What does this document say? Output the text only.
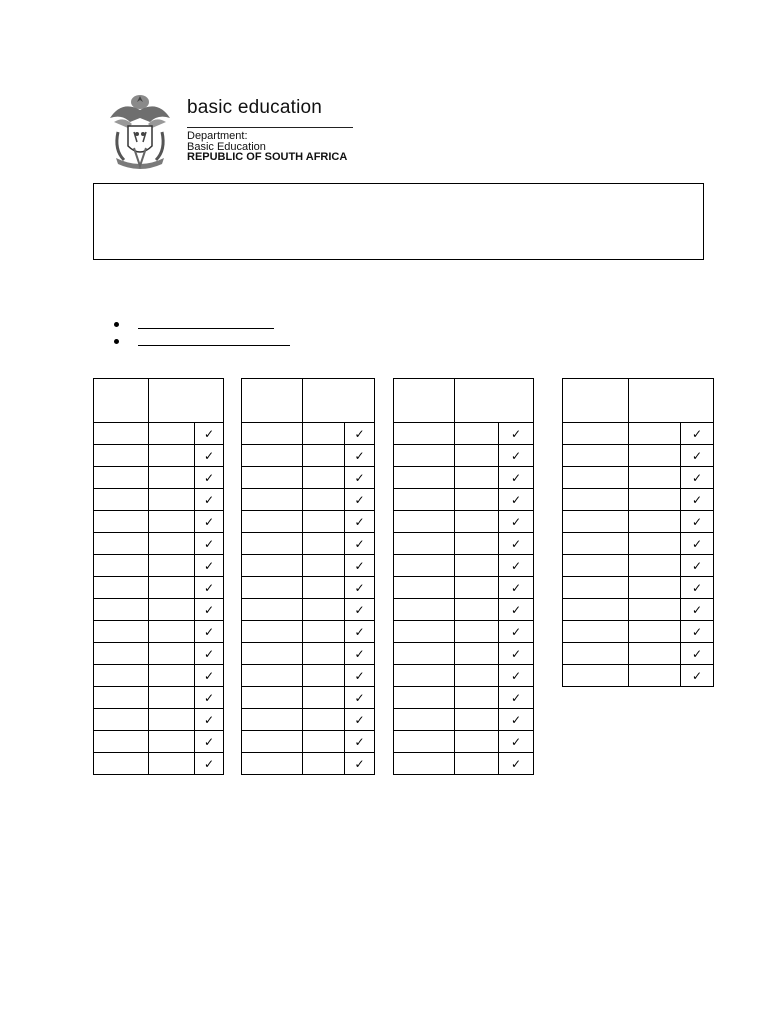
basic education
Department:
Basic Education
REPUBLIC OF SOUTH AFRICA

		✓
		✓
		✓
		✓
		✓
		✓
		✓
		✓
		✓
		✓
		✓
		✓
		✓
		✓
		✓
		✓

		✓
		✓
		✓
		✓
		✓
		✓
		✓
		✓
		✓
		✓
		✓
		✓
		✓
		✓
		✓
		✓

		✓
		✓
		✓
		✓
		✓
		✓
		✓
		✓
		✓
		✓
		✓
		✓
		✓
		✓
		✓
		✓

		✓
		✓
		✓
		✓
		✓
		✓
		✓
		✓
		✓
		✓
		✓
		✓
